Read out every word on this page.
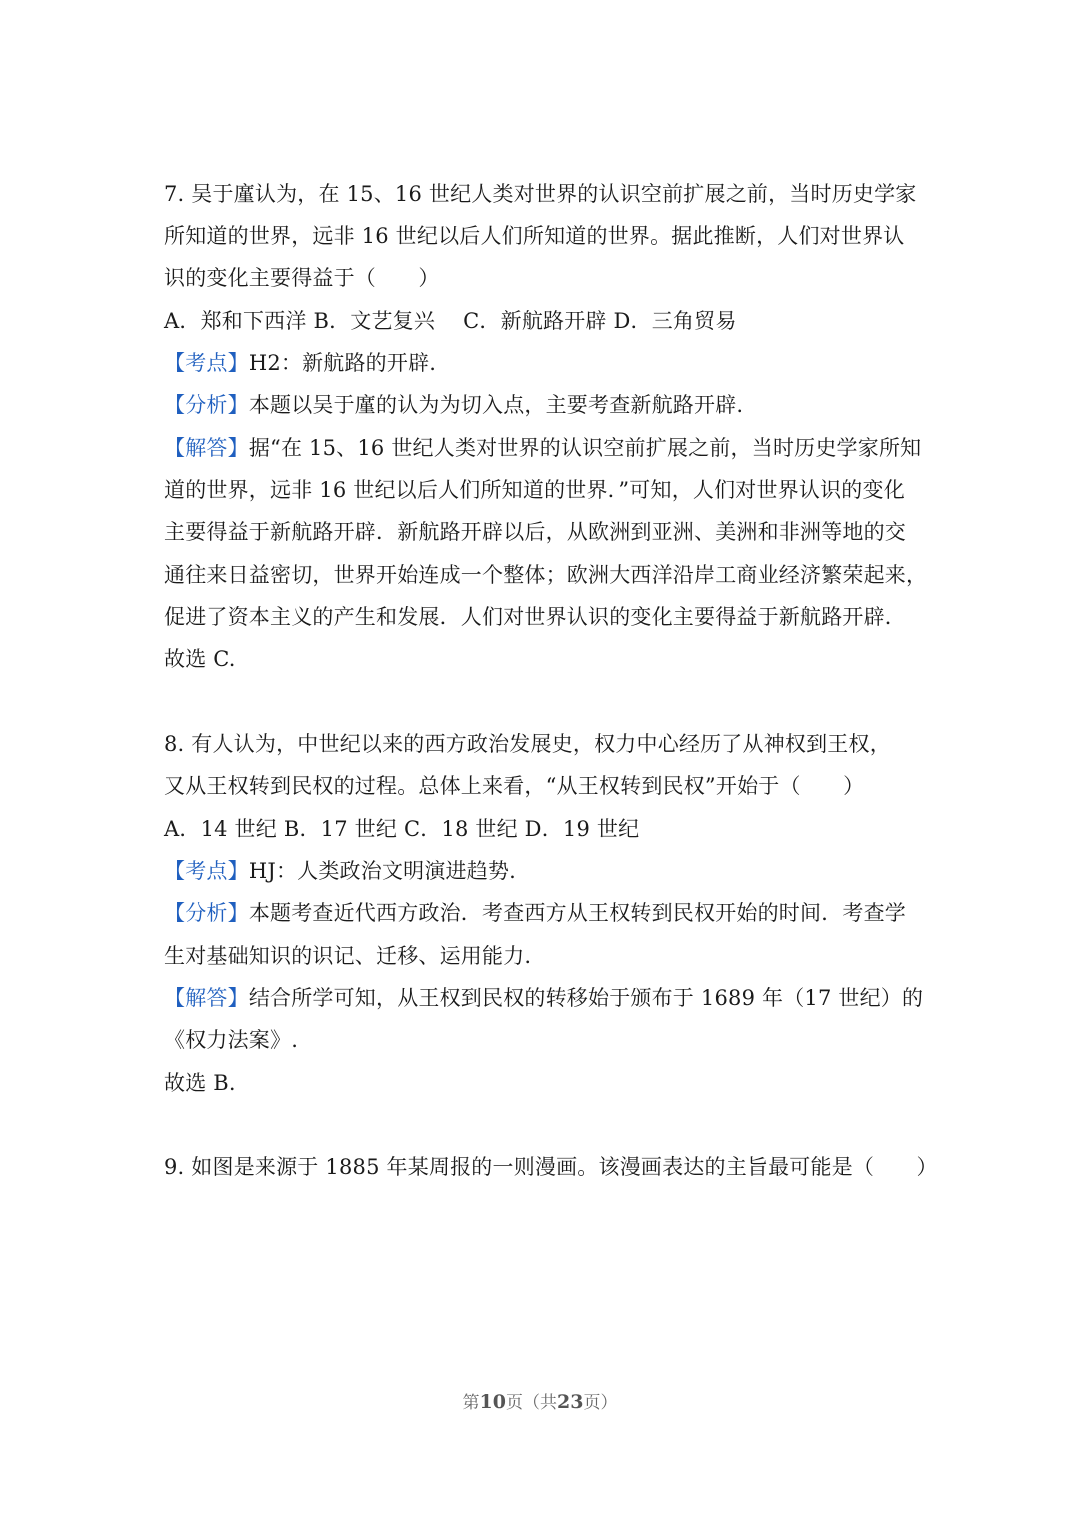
7. 吴于廑认为，在 15、16 世纪人类对世界的认识空前扩展之前，当时历史学家
所知道的世界，远非 16 世纪以后人们所知道的世界。据此推断，人们对世界认
识的变化主要得益于（　　）
A．郑和下西洋 B．文艺复兴　 C．新航路开辟 D．三角贸易
【考点】H2：新航路的开辟.
【分析】本题以吴于廑的认为为切入点，主要考查新航路开辟.
【解答】据“在 15、16 世纪人类对世界的认识空前扩展之前，当时历史学家所知
道的世界，远非 16 世纪以后人们所知道的世界．”可知，人们对世界认识的变化
主要得益于新航路开辟．新航路开辟以后，从欧洲到亚洲、美洲和非洲等地的交
通往来日益密切，世界开始连成一个整体；欧洲大西洋沿岸工商业经济繁荣起来，
促进了资本主义的产生和发展．人们对世界认识的变化主要得益于新航路开辟．
故选 C.
8. 有人认为，中世纪以来的西方政治发展史，权力中心经历了从神权到王权，
又从王权转到民权的过程。总体上来看，“从王权转到民权”开始于（　　）
A．14 世纪 B．17 世纪 C．18 世纪 D．19 世纪
【考点】HJ：人类政治文明演进趋势.
【分析】本题考查近代西方政治．考查西方从王权转到民权开始的时间．考查学
生对基础知识的识记、迁移、运用能力.
【解答】结合所学可知，从王权到民权的转移始于颁布于 1689 年（17 世纪）的
《权力法案》.
故选 B.
9. 如图是来源于 1885 年某周报的一则漫画。该漫画表达的主旨最可能是（　　）
第10页（共23页）
